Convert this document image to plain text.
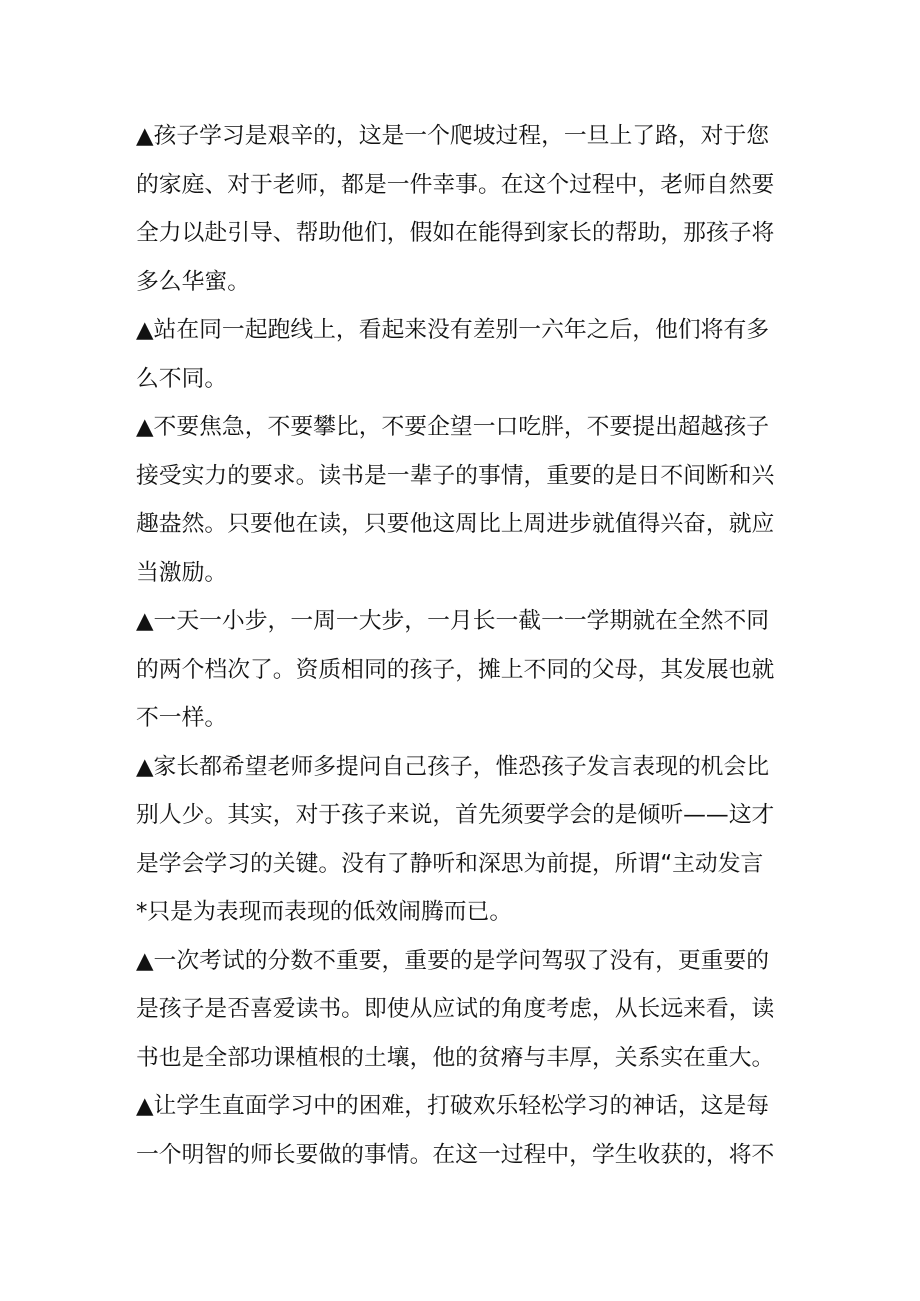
▲孩子学习是艰辛的，这是一个爬坡过程，一旦上了路，对于您
的家庭、对于老师，都是一件幸事。在这个过程中，老师自然要
全力以赴引导、帮助他们，假如在能得到家长的帮助，那孩子将
多么华蜜。
▲站在同一起跑线上，看起来没有差别一六年之后，他们将有多
么不同。
▲不要焦急，不要攀比，不要企望一口吃胖，不要提出超越孩子
接受实力的要求。读书是一辈子的事情，重要的是日不间断和兴
趣盎然。只要他在读，只要他这周比上周进步就值得兴奋，就应
当激励。
▲一天一小步，一周一大步，一月长一截一一学期就在全然不同
的两个档次了。资质相同的孩子，摊上不同的父母，其发展也就
不一样。
▲家长都希望老师多提问自己孩子，惟恐孩子发言表现的机会比
别人少。其实，对于孩子来说，首先须要学会的是倾听——这才
是学会学习的关键。没有了静听和深思为前提，所谓“主动发言
*只是为表现而表现的低效闹腾而已。
▲一次考试的分数不重要，重要的是学问驾驭了没有，更重要的
是孩子是否喜爱读书。即使从应试的角度考虑，从长远来看，读
书也是全部功课植根的土壤，他的贫瘠与丰厚，关系实在重大。
▲让学生直面学习中的困难，打破欢乐轻松学习的神话，这是每
一个明智的师长要做的事情。在这一过程中，学生收获的，将不
